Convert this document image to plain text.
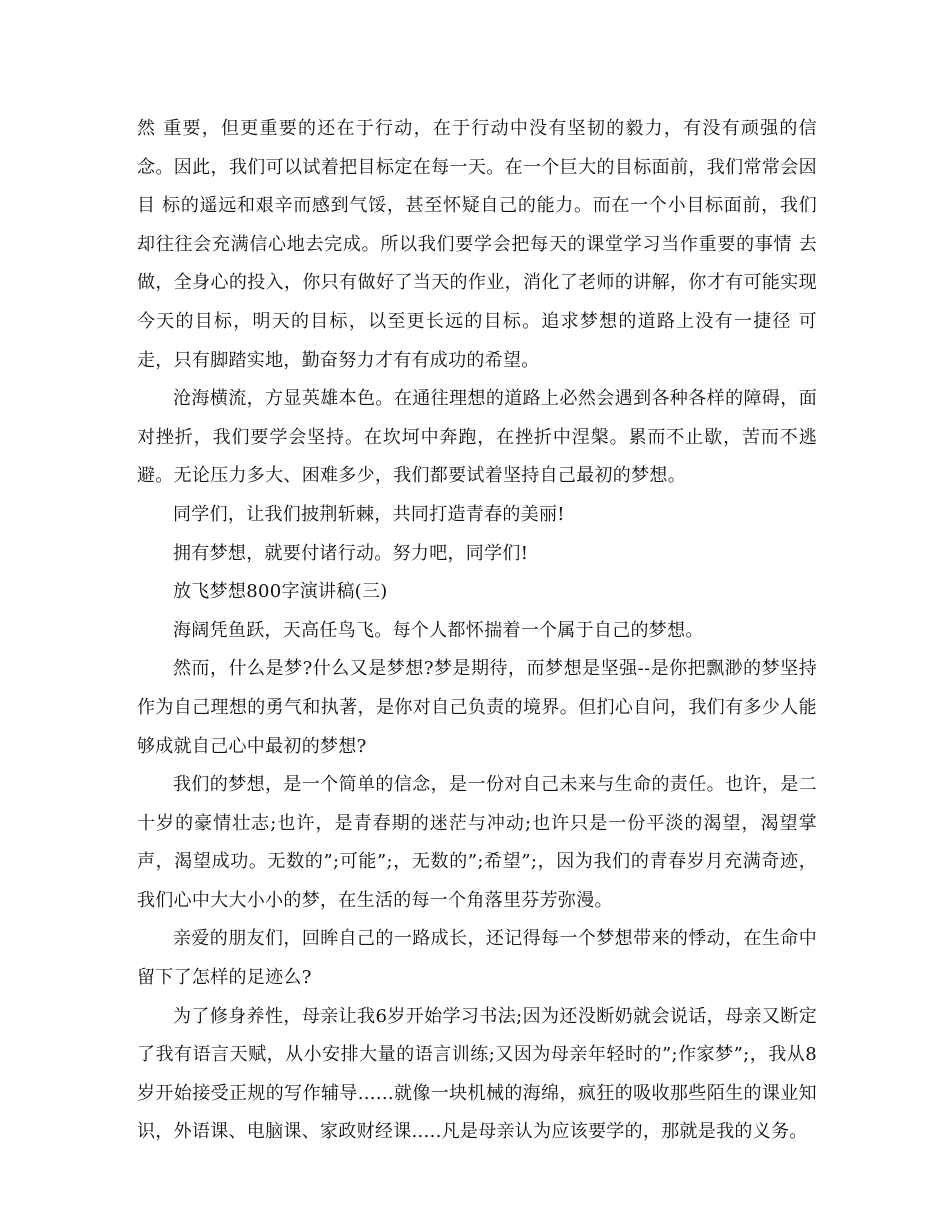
然 重要，但更重要的还在于行动，在于行动中没有坚韧的毅力，有没有顽强的信念。因此，我们可以试着把目标定在每一天。在一个巨大的目标面前，我们常常会因目 标的遥远和艰辛而感到气馁，甚至怀疑自己的能力。而在一个小目标面前，我们却往往会充满信心地去完成。所以我们要学会把每天的课堂学习当作重要的事情 去做，全身心的投入，你只有做好了当天的作业，消化了老师的讲解，你才有可能实现今天的目标，明天的目标，以至更长远的目标。追求梦想的道路上没有一捷径 可走，只有脚踏实地，勤奋努力才有有成功的希望。

沧海横流，方显英雄本色。在通往理想的道路上必然会遇到各种各样的障碍，面对挫折，我们要学会坚持。在坎坷中奔跑，在挫折中涅槃。累而不止歇，苦而不逃避。无论压力多大、困难多少，我们都要试着坚持自己最初的梦想。

同学们，让我们披荆斩棘，共同打造青春的美丽!

拥有梦想，就要付诸行动。努力吧，同学们!

放飞梦想800字演讲稿(三)

海阔凭鱼跃，天高任鸟飞。每个人都怀揣着一个属于自己的梦想。

然而，什么是梦?什么又是梦想?梦是期待，而梦想是坚强--是你把飘渺的梦坚持作为自己理想的勇气和执著，是你对自己负责的境界。但扪心自问，我们有多少人能够成就自己心中最初的梦想?

我们的梦想，是一个简单的信念，是一份对自己未来与生命的责任。也许，是二十岁的豪情壮志;也许，是青春期的迷茫与冲动;也许只是一份平淡的渴望，渴望掌声，渴望成功。无数的”;可能”;，无数的”;希望”;，因为我们的青春岁月充满奇迹，我们心中大大小小的梦，在生活的每一个角落里芬芳弥漫。

亲爱的朋友们，回眸自己的一路成长，还记得每一个梦想带来的悸动，在生命中留下了怎样的足迹么?

为了修身养性，母亲让我6岁开始学习书法;因为还没断奶就会说话，母亲又断定了我有语言天赋，从小安排大量的语言训练;又因为母亲年轻时的”;作家梦”;，我从8岁开始接受正规的写作辅导......就像一块机械的海绵，疯狂的吸收那些陌生的课业知识，外语课、电脑课、家政财经课.....凡是母亲认为应该要学的，那就是我的义务。
